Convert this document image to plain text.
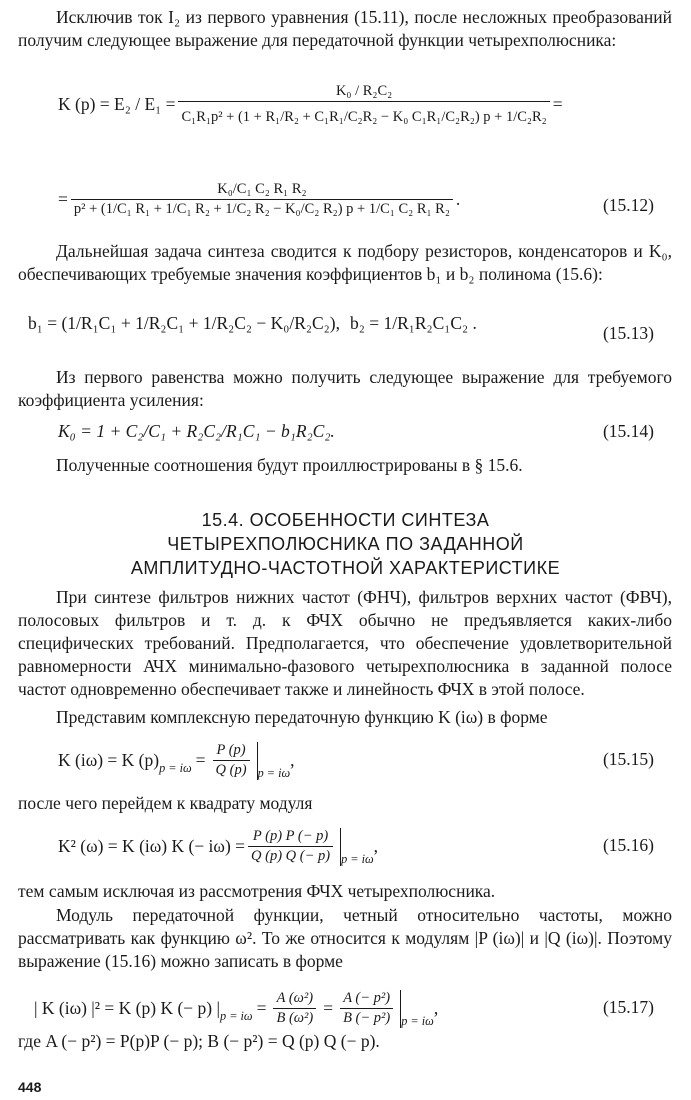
Исключив ток I₂ из первого уравнения (15.11), после несложных преобразований получим следующее выражение для передаточной функции четырехполюсника:

K $(p) = E_2 / E_1 = \frac{\text{K₀ / R₂C₂}}{\text{C₁R₁p² + (1 + R₁/R₂ + C₁R₁/C₂R₂ − K₀ C₁R₁/C₂R₂) p + 1/C₂R₂}}$ =
=	K₀/C₁ C₂ R₁ R₂
p² + (1/C₁ R₁ + 1/C₁ R₂ + 1/C₂ R₂ − K₀/C₂ R₂) p + 1/C₁ C₂ R₁ R₂ .	(15.12)

Дальнейшая задача синтеза сводится к подбору резисторов, конденсаторов и K₀, обеспечивающих требуемые значения коэффициентов b₁ и b₂ полинома (15.6):

b₁ = (1/R₁C₁ + 1/R₂C₁ + 1/R₂C₂ − K₀/R₂C₂), b₂ = 1/R₁R₂C₁C₂ .	(15.13)

Из первого равенства можно получить следующее выражение для требуемого коэффициента усиления:

K₀ = 1 + C₂/C₁ + R₂C₂/R₁C₁ − b₁R₂C₂.	(15.14)

Полученные соотношения будут проиллюстрированы в § 15.6.

15.4. ОСОБЕННОСТИ СИНТЕЗА
ЧЕТЫРЕХПОЛЮСНИКА ПО ЗАДАННОЙ
АМПЛИТУДНО-ЧАСТОТНОЙ ХАРАКТЕРИСТИКЕ

При синтезе фильтров нижних частот (ФНЧ), фильтров верхних частот (ФВЧ), полосовых фильтров и т. д. к ФЧХ обычно не предъявляется каких-либо специфических требований. Предполагается, что обеспечение удовлетворительной равномерности АЧХ минимально-фазового четырехполюсника в заданной полосе частот одновременно обеспечивает также и линейность ФЧХ в этой полосе.

Представим комплексную передаточную функцию K (iω) в форме

K (iω) = K $(p)_{p = i\omega} = \frac{P (p)}{Q (p)} _{p = i\omega}$
,	(15.15)

после чего перейдем к квадрату модуля

K² (ω) = K (iω) K (− $i\omega) = \frac{P (p) P (- p)}{Q (p) Q (- p)} _{p = i\omega}$
,	(15.16)

тем самым исключая из рассмотрения ФЧХ четырехполюсника.

Модуль передаточной функции, четный относительно частоты, можно рассматривать как функцию ω². То же относится к модулям |P (iω)| и |Q (iω)|. Поэтому выражение (15.16) можно записать в форме

| K (iω) |² = K (p) K (− p) $|_{p = i\omega} = \frac{\text{A (ω²)}}{\text{B (ω²)}} = \frac{\text{A (− p²)}}{\text{B (− p²)}} _{p = i\omega}$
,	(15.17)

где A (− p²) = P(p)P (− p); B (− p²) = Q (p) Q (− p).

448
